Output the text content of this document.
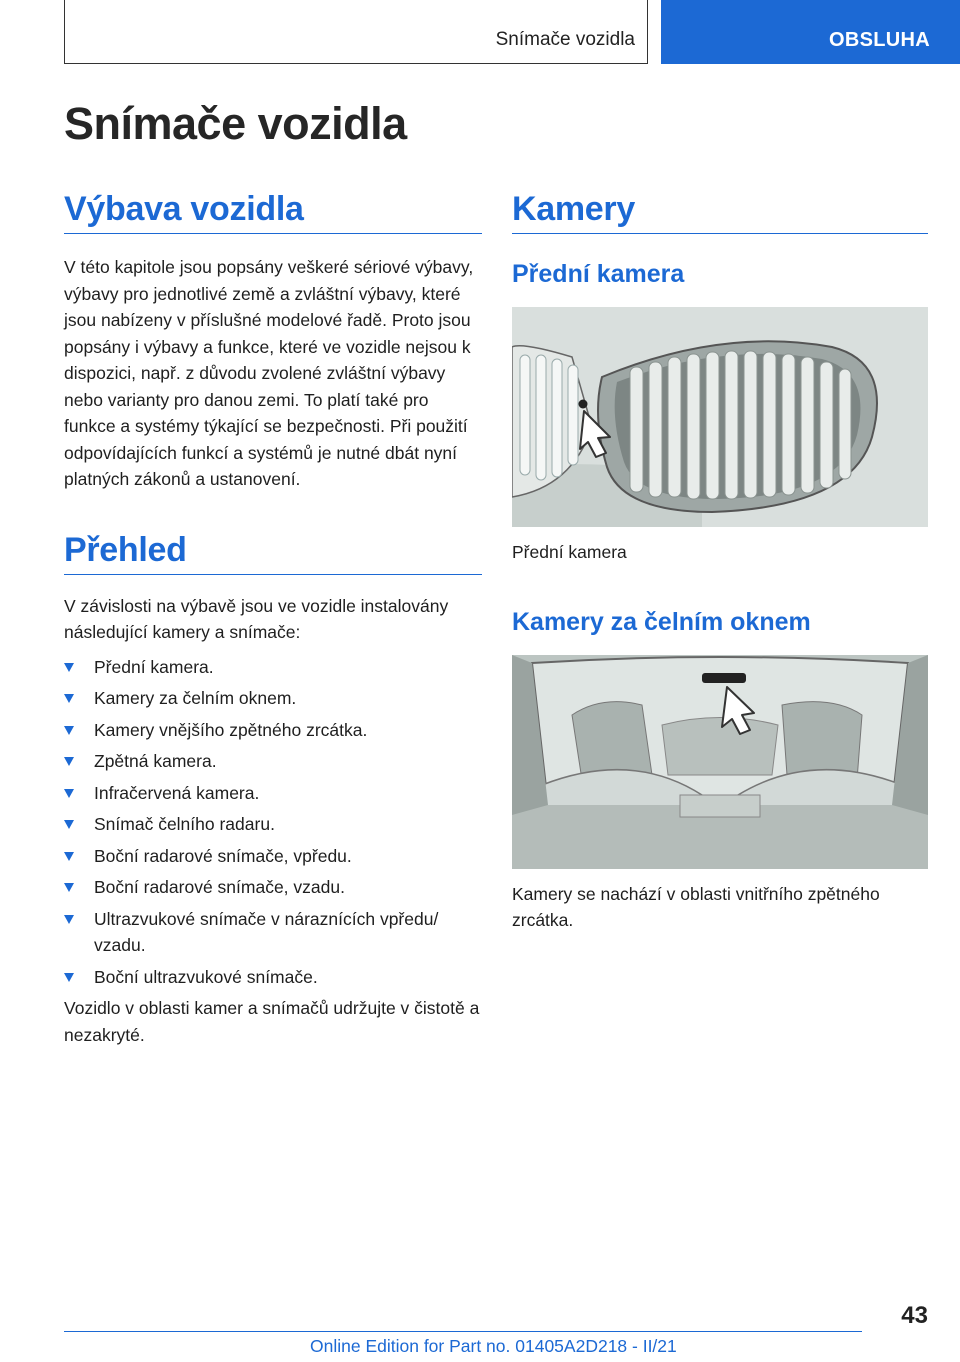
Snímače vozidla	OBSLUHA
Snímače vozidla
Výbava vozidla

V této kapitole jsou popsány veškeré sériové výbavy, výbavy pro jednotlivé země a zvláštní výbavy, které jsou nabízeny v příslušné modelové řadě. Proto jsou popsány i výbavy a funkce, které ve vozidle nejsou k dispozici, např. z důvodu zvolené zvláštní výbavy nebo varianty pro danou zemi. To platí také pro funkce a systémy týkající se bezpečnosti. Při použití odpovídajících funkcí a systémů je nutné dbát nyní platných zákonů a ustanovení.

Přehled

V závislosti na výbavě jsou ve vozidle instalovány následující kamery a snímače:

Přední kamera.
Kamery za čelním oknem.
Kamery vnějšího zpětného zrcátka.
Zpětná kamera.
Infračervená kamera.
Snímač čelního radaru.
Boční radarové snímače, vpředu.
Boční radarové snímače, vzadu.
Ultrazvukové snímače v náraznících vpředu/ vzadu.
Boční ultrazvukové snímače.

Vozidlo v oblasti kamer a snímačů udržujte v čistotě a nezakryté.

Kamery
Přední kamera

Přední kamera

Kamery za čelním oknem

Kamery se nachází v oblasti vnitřního zpětného zrcátka.

43
Online Edition for Part no. 01405A2D218 - II/21
